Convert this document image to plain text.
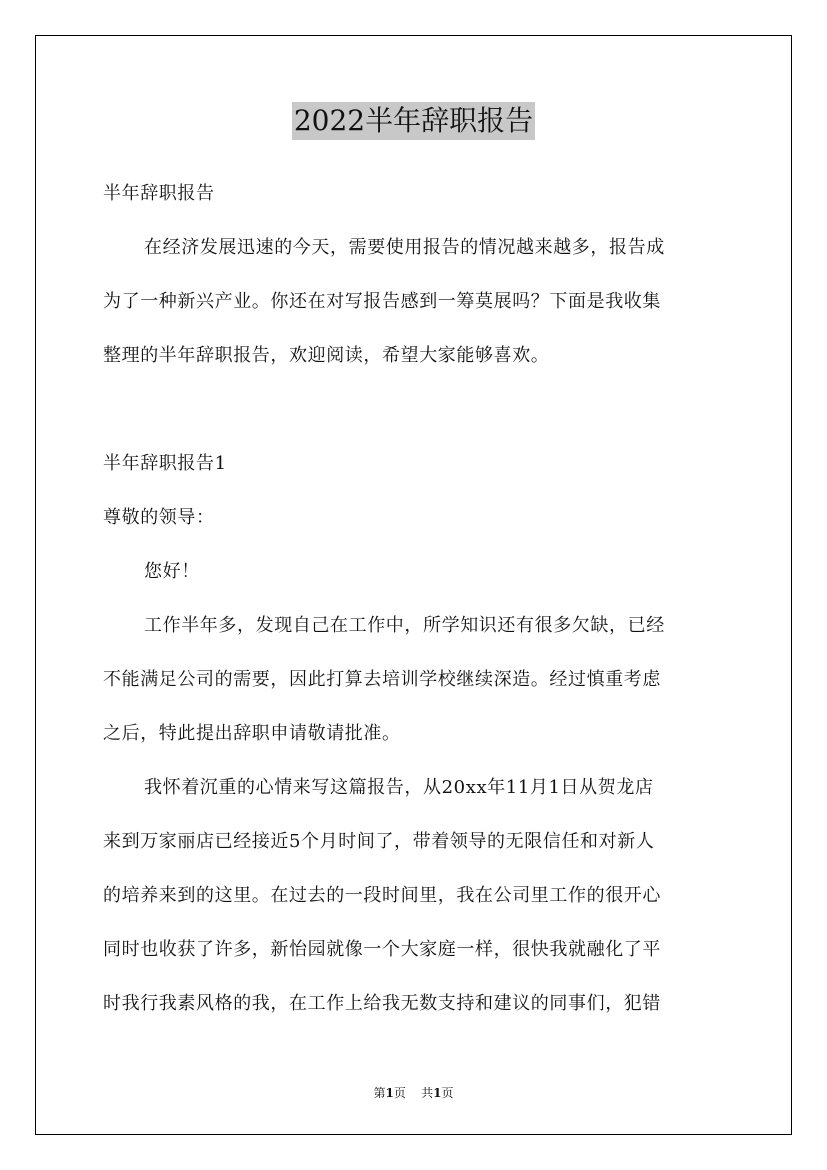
2022半年辞职报告
半年辞职报告
在经济发展迅速的今天，需要使用报告的情况越来越多，报告成
为了一种新兴产业。你还在对写报告感到一筹莫展吗？下面是我收集
整理的半年辞职报告，欢迎阅读，希望大家能够喜欢。
半年辞职报告1
尊敬的领导：
您好！
工作半年多，发现自己在工作中，所学知识还有很多欠缺，已经
不能满足公司的需要，因此打算去培训学校继续深造。经过慎重考虑
之后，特此提出辞职申请敬请批准。
我怀着沉重的心情来写这篇报告，从20xx年11月1日从贺龙店
来到万家丽店已经接近5个月时间了，带着领导的无限信任和对新人
的培养来到的这里。在过去的一段时间里，我在公司里工作的很开心
同时也收获了许多，新怡园就像一个大家庭一样，很快我就融化了平
时我行我素风格的我，在工作上给我无数支持和建议的同事们，犯错
第1页 共1页
